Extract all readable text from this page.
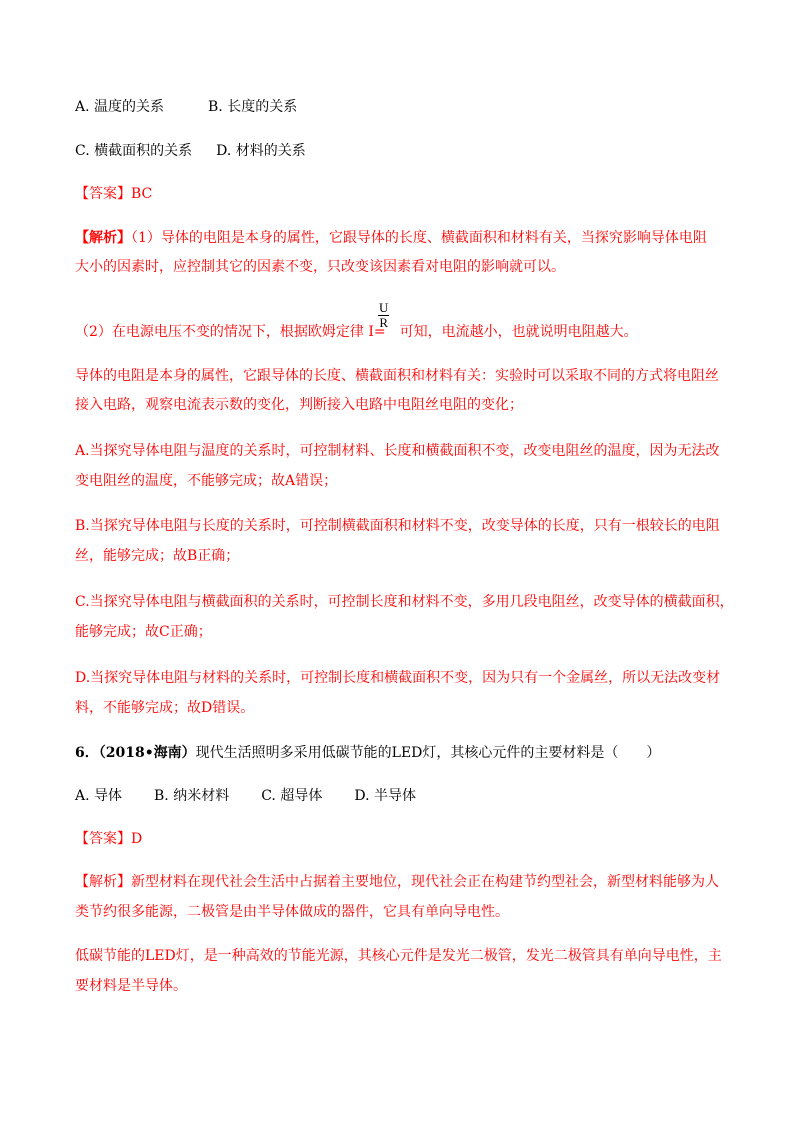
A. 温度的关系	B. 长度的关系

C. 横截面积的关系 D. 材料的关系

【答案】BC

【解析】（1）导体的电阻是本身的属性，它跟导体的长度、横截面积和材料有关，当探究影响导体电阻

大小的因素时，应控制其它的因素不变，只改变该因素看对电阻的影响就可以。

（2）在电源电压不变的情况下，根据欧姆定律 I= 可知，电流越小，也就说明电阻越大。

$\frac{U}{R}$

导体的电阻是本身的属性，它跟导体的长度、横截面积和材料有关：实验时可以采取不同的方式将电阻丝

接入电路，观察电流表示数的变化，判断接入电路中电阻丝电阻的变化；

A.当探究导体电阻与温度的关系时，可控制材料、长度和横截面积不变，改变电阻丝的温度，因为无法改

变电阻丝的温度，不能够完成；故A错误；

B.当探究导体电阻与长度的关系时，可控制横截面积和材料不变，改变导体的长度，只有一根较长的电阻

丝，能够完成；故B正确；

C.当探究导体电阻与横截面积的关系时，可控制长度和材料不变，多用几段电阻丝，改变导体的横截面积，

能够完成；故C正确；

D.当探究导体电阻与材料的关系时，可控制长度和横截面积不变，因为只有一个金属丝，所以无法改变材

料，不能够完成；故D错误。

6．（2018•海南）现代生活照明多采用低碳节能的LED灯，其核心元件的主要材料是（　　）

A. 导体 B. 纳米材料 C. 超导体 D. 半导体

【答案】D

【解析】新型材料在现代社会生活中占据着主要地位，现代社会正在构建节约型社会，新型材料能够为人

类节约很多能源，二极管是由半导体做成的器件，它具有单向导电性。

低碳节能的LED灯，是一种高效的节能光源，其核心元件是发光二极管，发光二极管具有单向导电性，主

要材料是半导体。
